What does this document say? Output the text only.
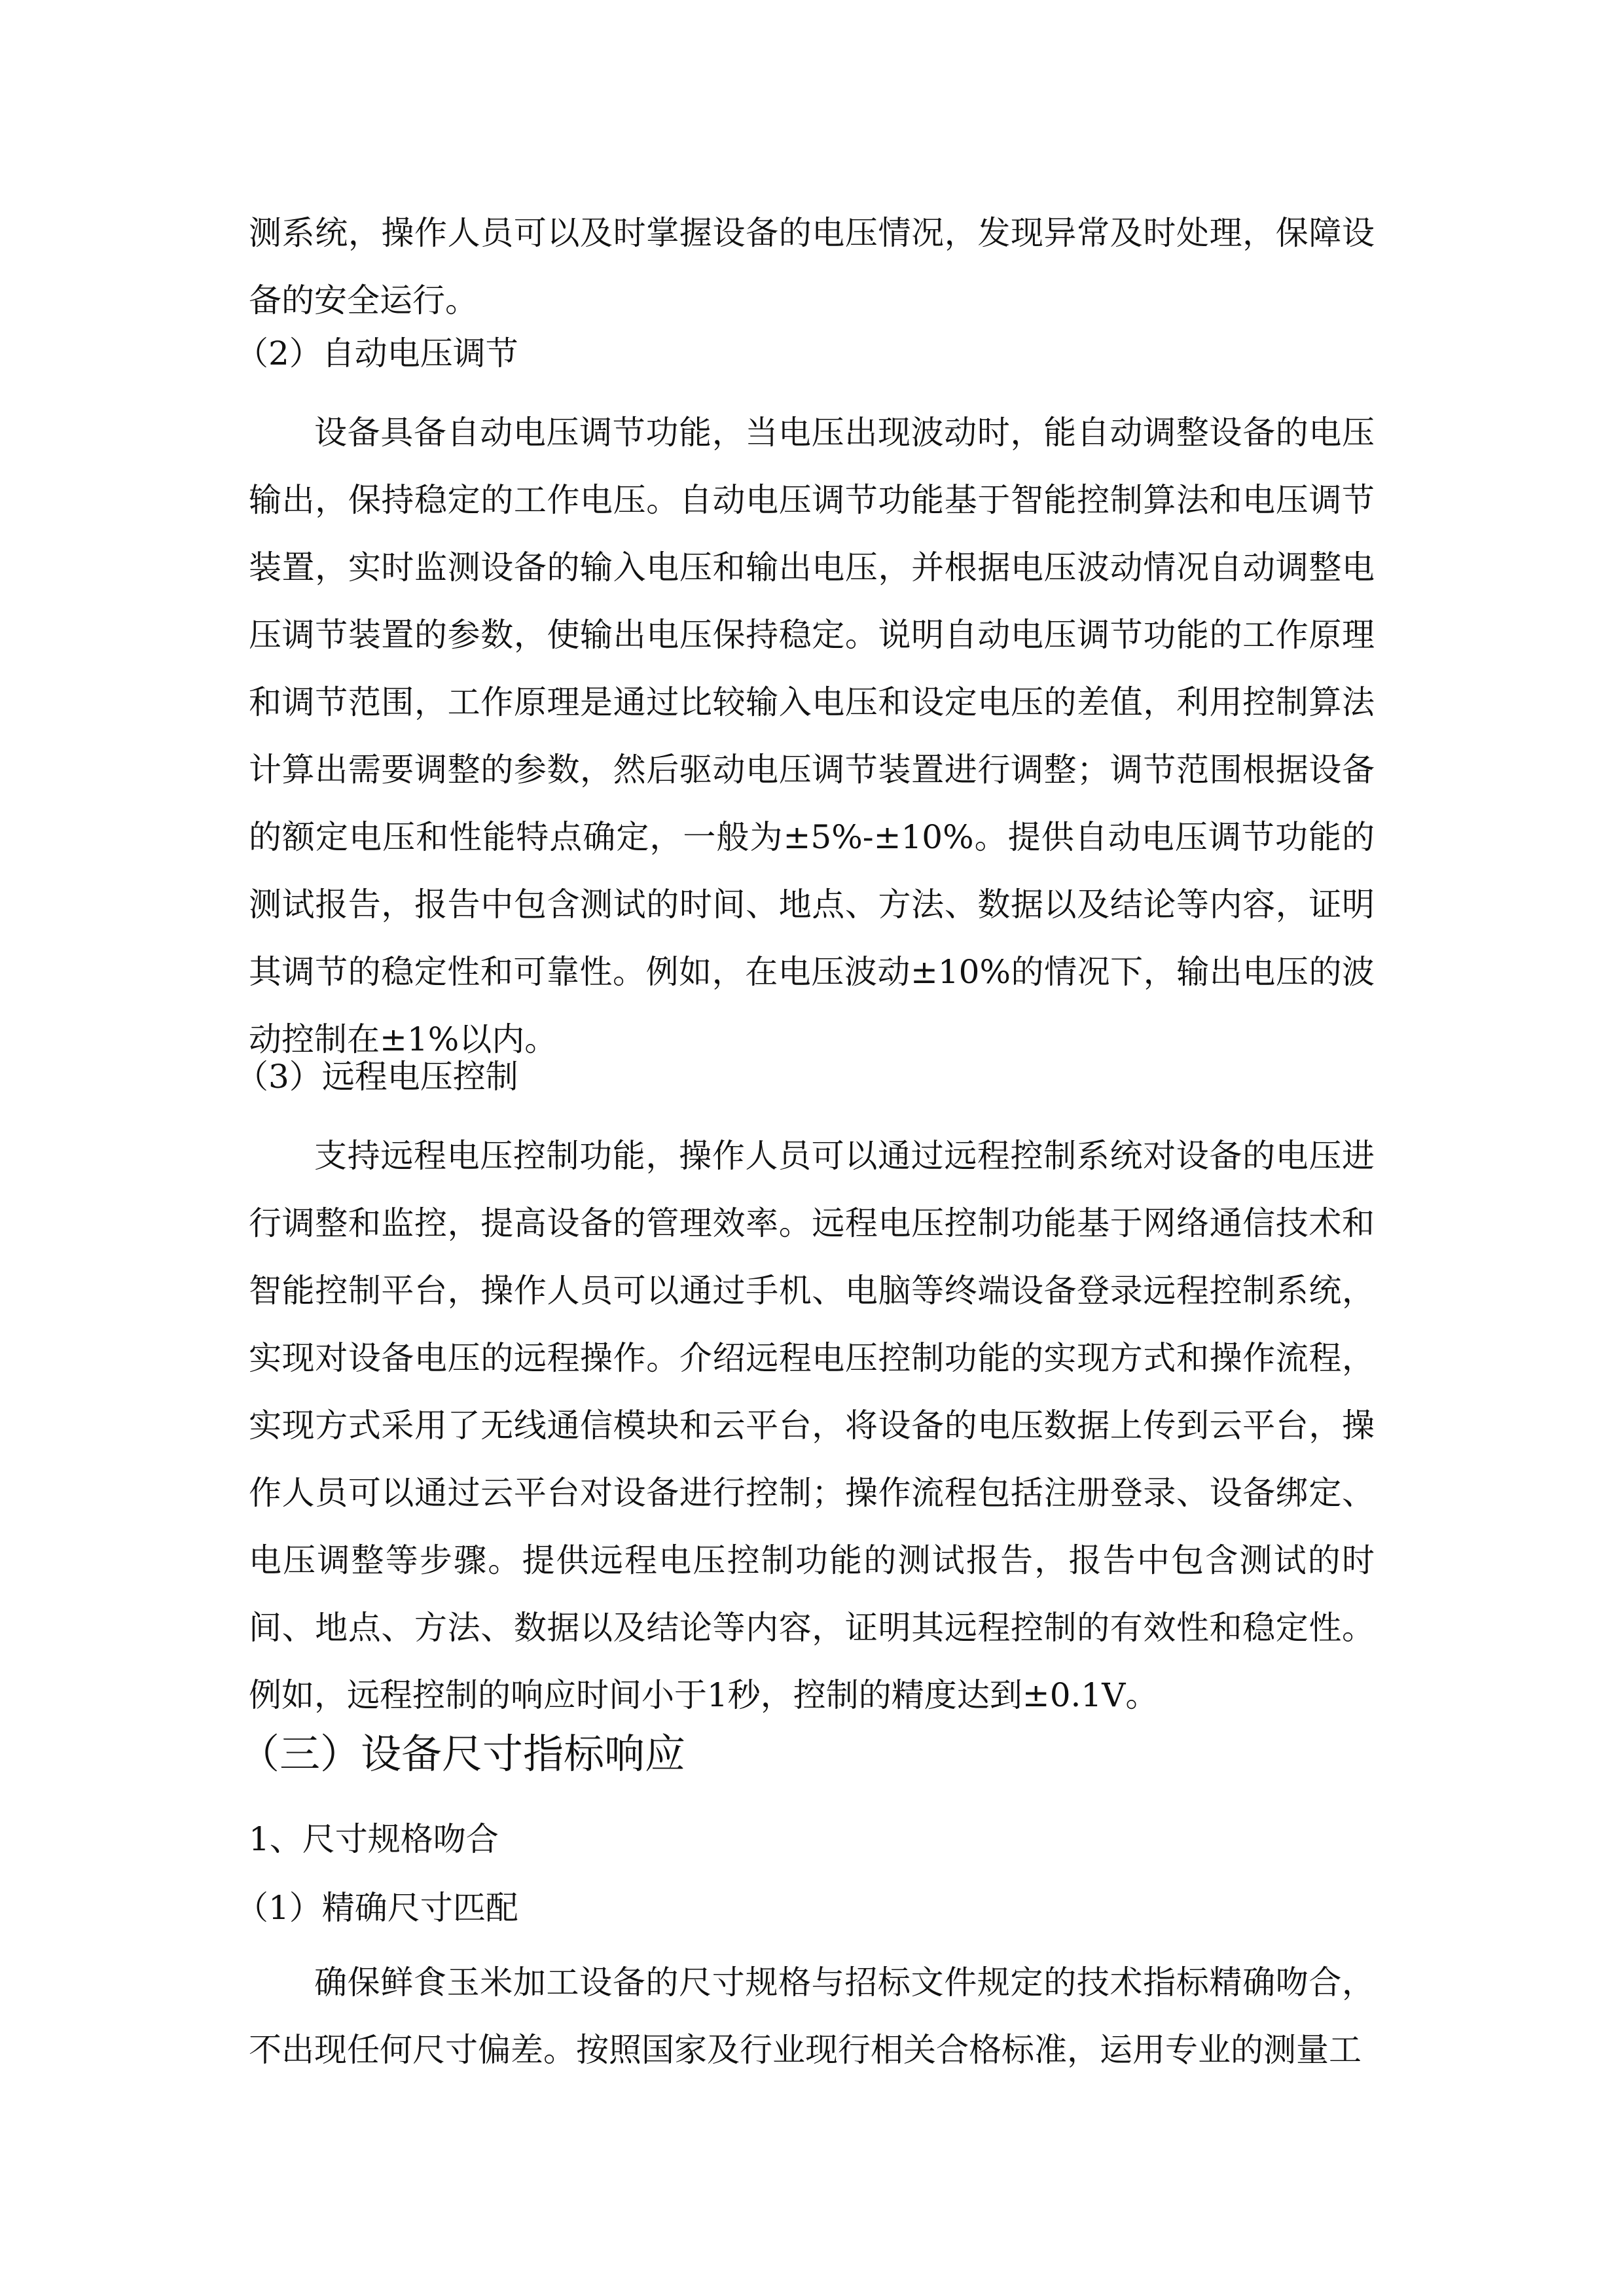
测系统，操作人员可以及时掌握设备的电压情况，发现异常及时处理，保障设备的安全运行。

（2）自动电压调节

设备具备自动电压调节功能，当电压出现波动时，能自动调整设备的电压输出，保持稳定的工作电压。自动电压调节功能基于智能控制算法和电压调节装置，实时监测设备的输入电压和输出电压，并根据电压波动情况自动调整电压调节装置的参数，使输出电压保持稳定。说明自动电压调节功能的工作原理和调节范围，工作原理是通过比较输入电压和设定电压的差值，利用控制算法计算出需要调整的参数，然后驱动电压调节装置进行调整；调节范围根据设备的额定电压和性能特点确定，一般为±5%-±10%。提供自动电压调节功能的测试报告，报告中包含测试的时间、地点、方法、数据以及结论等内容，证明其调节的稳定性和可靠性。例如，在电压波动±10%的情况下，输出电压的波动控制在±1%以内。

（3）远程电压控制

支持远程电压控制功能，操作人员可以通过远程控制系统对设备的电压进行调整和监控，提高设备的管理效率。远程电压控制功能基于网络通信技术和智能控制平台，操作人员可以通过手机、电脑等终端设备登录远程控制系统，实现对设备电压的远程操作。介绍远程电压控制功能的实现方式和操作流程，实现方式采用了无线通信模块和云平台，将设备的电压数据上传到云平台，操作人员可以通过云平台对设备进行控制；操作流程包括注册登录、设备绑定、电压调整等步骤。提供远程电压控制功能的测试报告，报告中包含测试的时间、地点、方法、数据以及结论等内容，证明其远程控制的有效性和稳定性。例如，远程控制的响应时间小于1秒，控制的精度达到±0.1V。

（三）设备尺寸指标响应

1、尺寸规格吻合

（1）精确尺寸匹配

确保鲜食玉米加工设备的尺寸规格与招标文件规定的技术指标精确吻合，不出现任何尺寸偏差。按照国家及行业现行相关合格标准，运用专业的测量工
